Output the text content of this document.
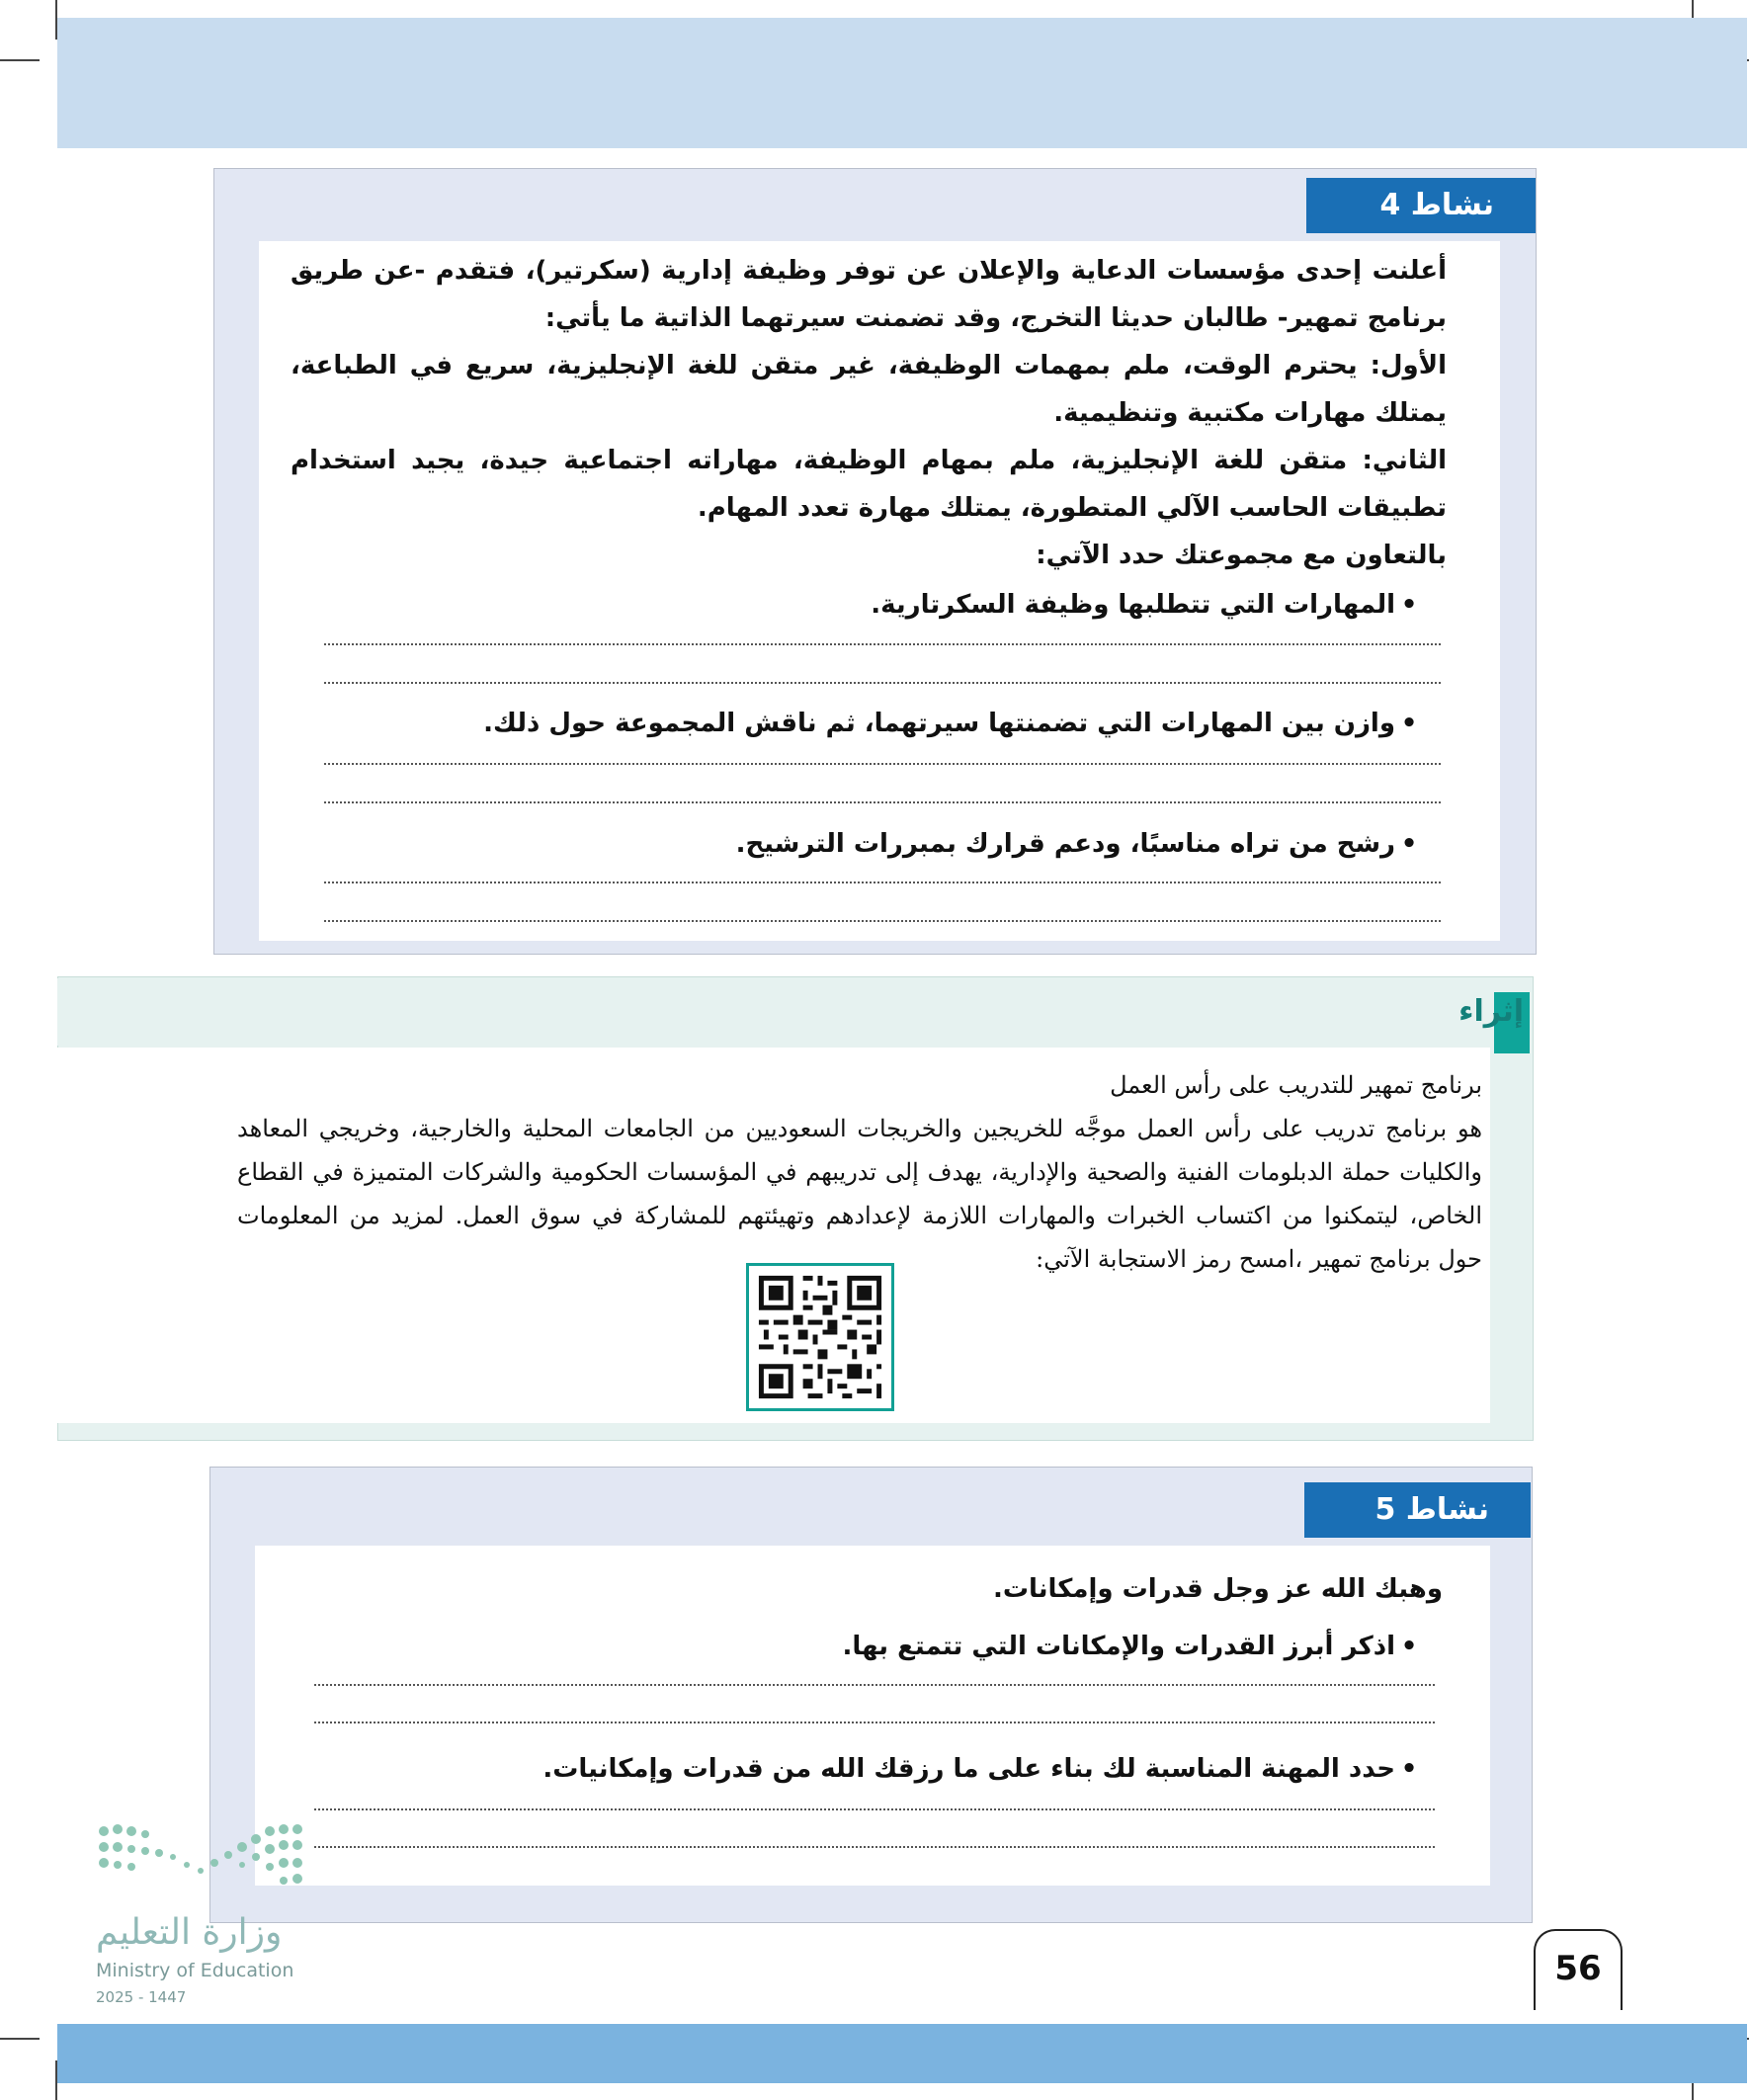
نشاط 4

أعلنت إحدى مؤسسات الدعاية والإعلان عن توفر وظيفة إدارية (سكرتير)، فتقدم -عن طريق برنامج تمهير- طالبان حديثا التخرج، وقد تضمنت سيرتهما الذاتية ما يأتي:

الأول: يحترم الوقت، ملم بمهمات الوظيفة، غير متقن للغة الإنجليزية، سريع في الطباعة، يمتلك مهارات مكتبية وتنظيمية.

الثاني: متقن للغة الإنجليزية، ملم بمهام الوظيفة، مهاراته اجتماعية جيدة، يجيد استخدام تطبيقات الحاسب الآلي المتطورة، يمتلك مهارة تعدد المهام.

بالتعاون مع مجموعتك حدد الآتي:

•المهارات التي تتطلبها وظيفة السكرتارية.
•وازن بين المهارات التي تضمنتها سيرتهما، ثم ناقش المجموعة حول ذلك.
•رشح من تراه مناسبًا، ودعم قرارك بمبررات الترشيح.
إثراء

برنامج تمهير للتدريب على رأس العمل

هو برنامج تدريب على رأس العمل موجَّه للخريجين والخريجات السعوديين من الجامعات المحلية والخارجية، وخريجي المعاهد والكليات حملة الدبلومات الفنية والصحية والإدارية، يهدف إلى تدريبهم في المؤسسات الحكومية والشركات المتميزة في القطاع الخاص، ليتمكنوا من اكتساب الخبرات والمهارات اللازمة لإعدادهم وتهيئتهم للمشاركة في سوق العمل. لمزيد من المعلومات حول برنامج تمهير ،امسح رمز الاستجابة الآتي:

نشاط 5
وهبك الله عز وجل قدرات وإمكانات.
•اذكر أبرز القدرات والإمكانات التي تتمتع بها.
•حدد المهنة المناسبة لك بناء على ما رزقك الله من قدرات وإمكانيات.
وزارة التعليم
Ministry of Education
2025 - 1447
56
